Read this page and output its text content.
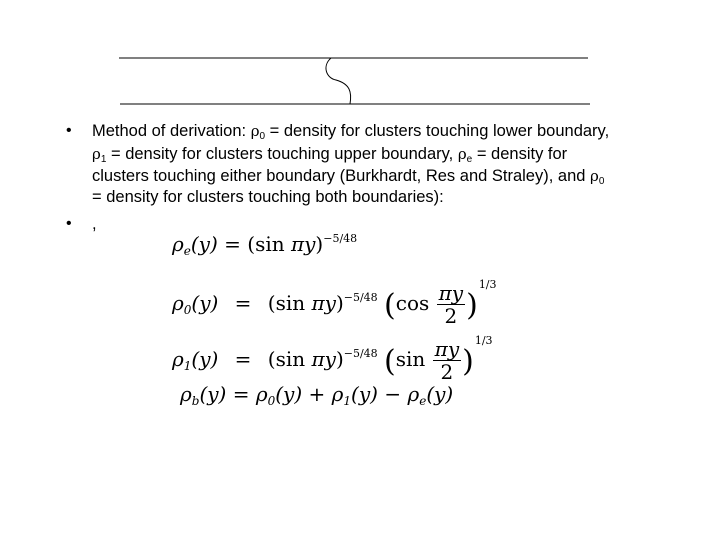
• Method of derivation: $\rho_0$ = density for clusters touching lower boundary,
$\rho_1$ = density for clusters touching upper boundary, $\rho_e$ = density for
clusters touching either boundary (Burkhardt, Res and Straley), and $\rho_0$
= density for clusters touching both boundaries):
• ,
$\rho_e(y) = (\sin$ πy)$^{-5/48}$
$\rho_0(y) = (\sin$ πy)$^{-5/48}$ $(\cos \frac{\pi y}{2} )^{1/3}$
$\rho_1(y) = (\sin$ πy)$^{-5/48}$ $(\sin \frac{\pi y}{2} )^{1/3}$
$\rho_b(y) = \rho_0(y) + \rho_1(y) - \rho_e(y)$
